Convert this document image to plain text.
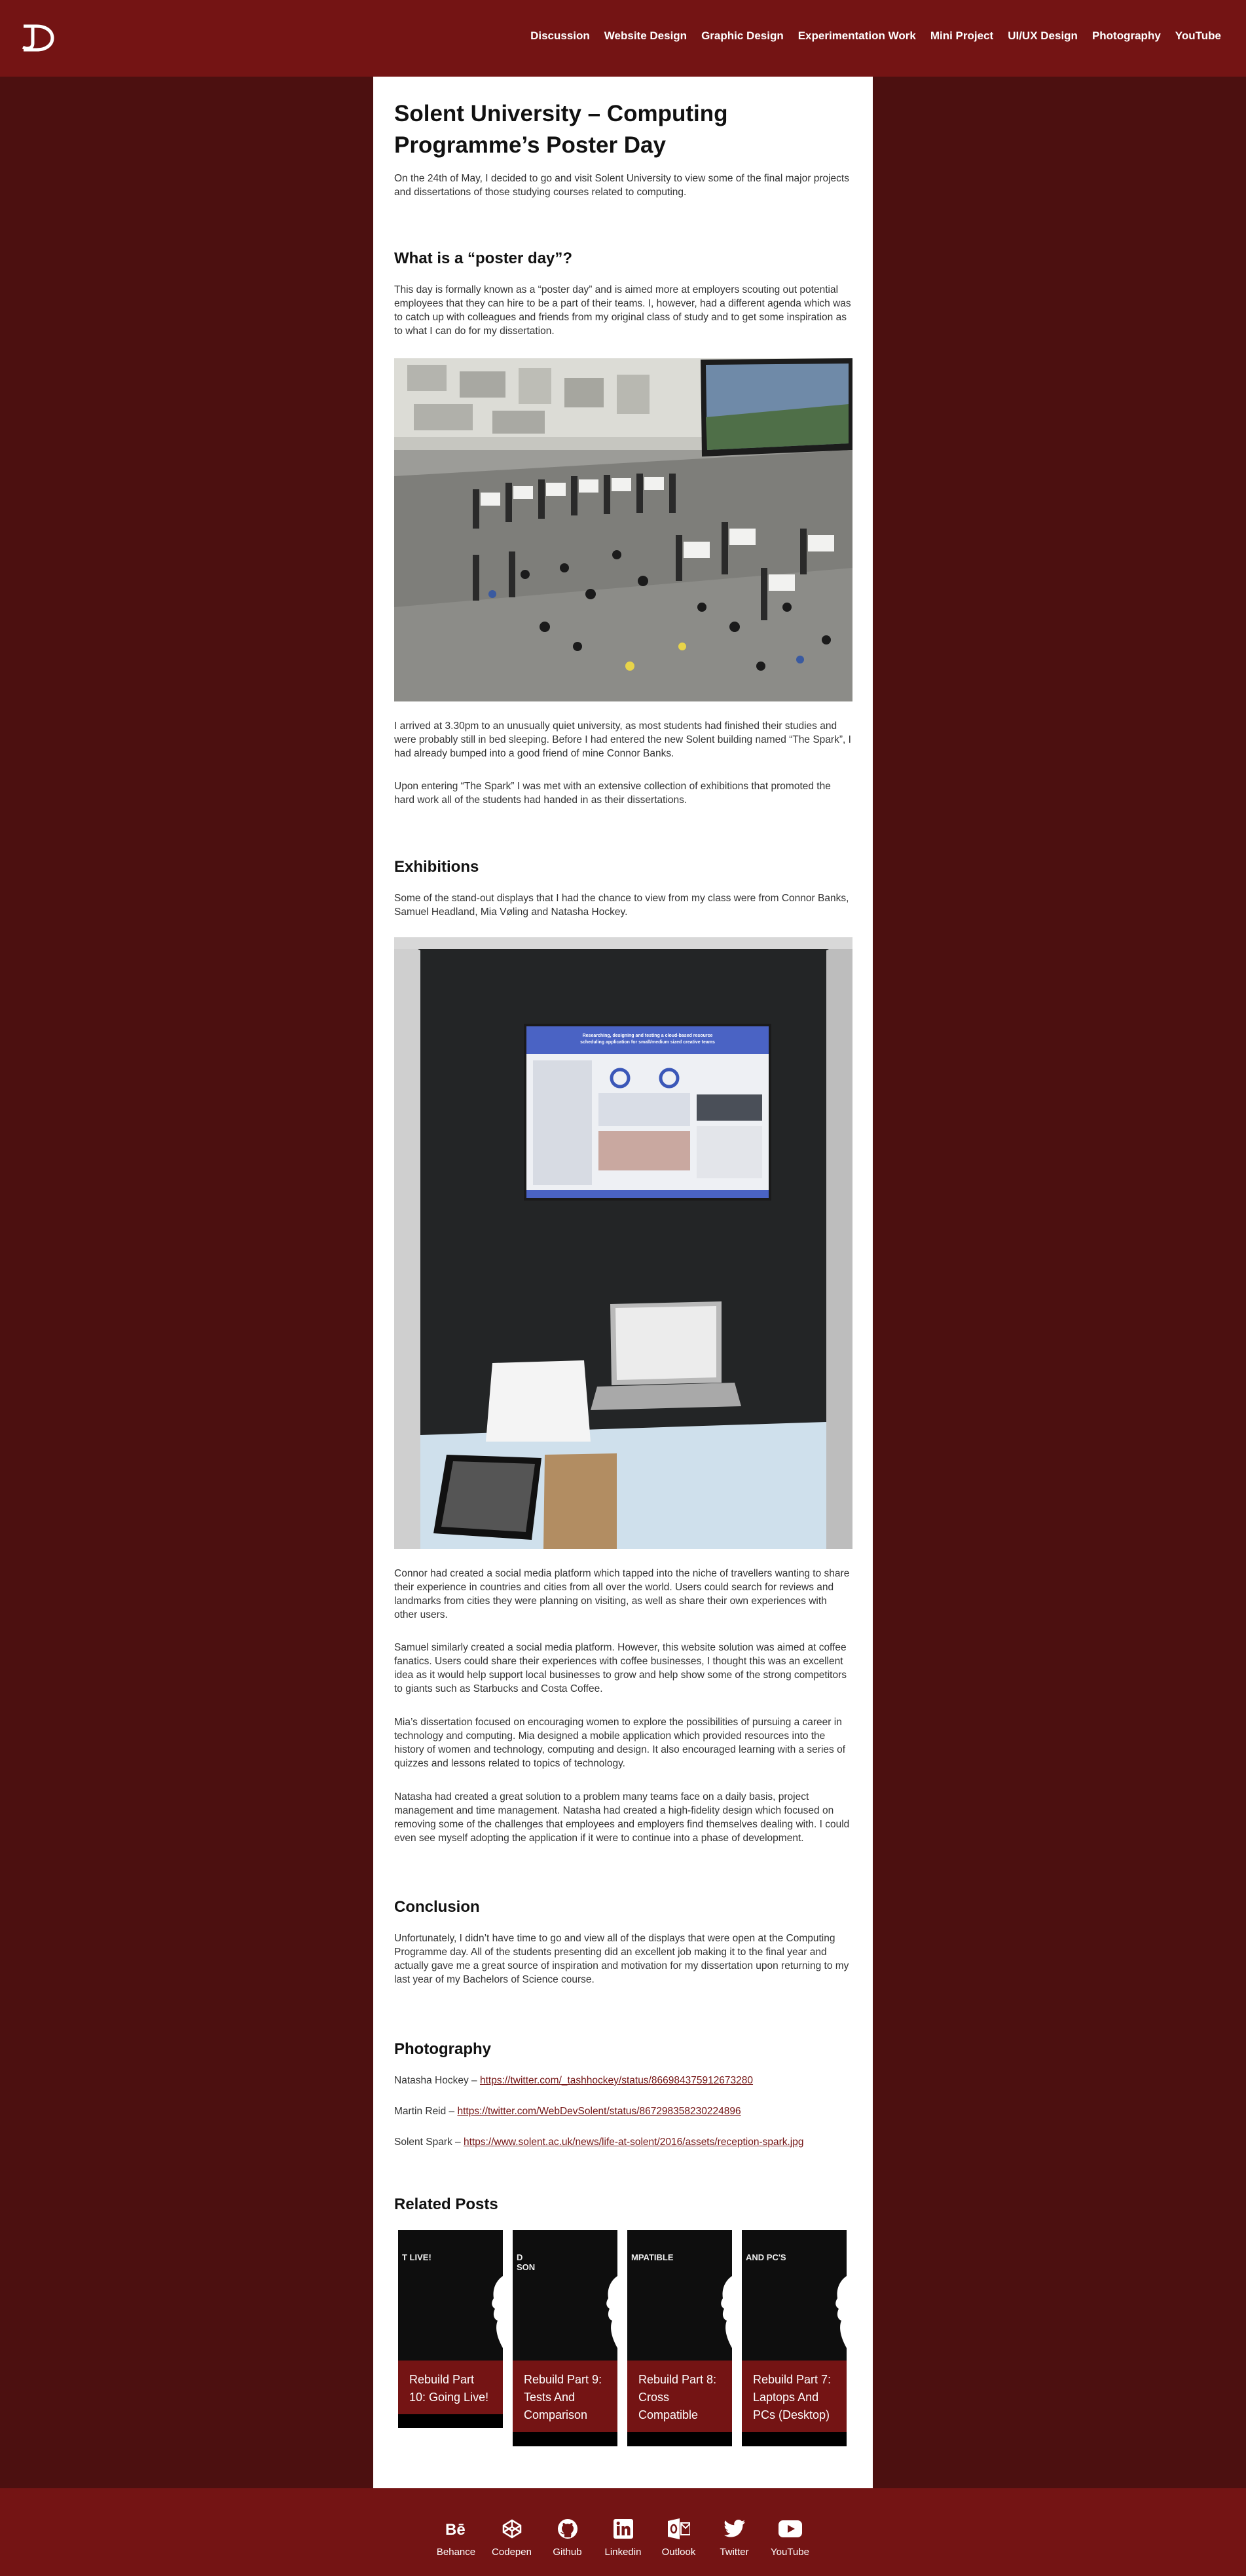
Discussion Website Design Graphic Design Experimentation Work Mini Project UI/UX Design Photography YouTube
Solent University – Computing Programme’s Poster Day

On the 24th of May, I decided to go and visit Solent University to view some of the final major projects and dissertations of those studying courses related to computing.

What is a “poster day”?

This day is formally known as a “poster day” and is aimed more at employers scouting out potential employees that they can hire to be a part of their teams. I, however, had a different agenda which was to catch up with colleagues and friends from my original class of study and to get some inspiration as to what I can do for my dissertation.

I arrived at 3.30pm to an unusually quiet university, as most students had finished their studies and were probably still in bed sleeping. Before I had entered the new Solent building named “The Spark”, I had already bumped into a good friend of mine Connor Banks.

Upon entering “The Spark” I was met with an extensive collection of exhibitions that promoted the hard work all of the students had handed in as their dissertations.

Exhibitions

Some of the stand-out displays that I had the chance to view from my class were from Connor Banks, Samuel Headland, Mia Vøling and Natasha Hockey.

Researching, designing and testing a cloud-based resource
scheduling application for small/medium sized creative teams

Connor had created a social media platform which tapped into the niche of travellers wanting to share their experience in countries and cities from all over the world. Users could search for reviews and landmarks from cities they were planning on visiting, as well as share their own experiences with other users.

Samuel similarly created a social media platform. However, this website solution was aimed at coffee fanatics. Users could share their experiences with coffee businesses, I thought this was an excellent idea as it would help support local businesses to grow and help show some of the strong competitors to giants such as Starbucks and Costa Coffee.

Mia’s dissertation focused on encouraging women to explore the possibilities of pursuing a career in technology and computing. Mia designed a mobile application which provided resources into the history of women and technology, computing and design. It also encouraged learning with a series of quizzes and lessons related to topics of technology.

Natasha had created a great solution to a problem many teams face on a daily basis, project management and time management. Natasha had created a high-fidelity design which focused on removing some of the challenges that employees and employers find themselves dealing with. I could even see myself adopting the application if it were to continue into a phase of development.

Conclusion

Unfortunately, I didn’t have time to go and view all of the displays that were open at the Computing Programme day. All of the students presenting did an excellent job making it to the final year and actually gave me a great source of inspiration and motivation for my dissertation upon returning to my last year of my Bachelors of Science course.

Photography

Natasha Hockey – https://twitter.com/_tashhockey/status/866984375912673280

Martin Reid – https://twitter.com/WebDevSolent/status/867298358230224896

Solent Spark – https://www.solent.ac.uk/news/life-at-solent/2016/assets/reception-spark.jpg

Related Posts
T LIVE!
Rebuild Part 10: Going Live!
D
SON
Rebuild Part 9: Tests And Comparison
MPATIBLE
Rebuild Part 8: Cross Compatible
AND PC'S
Rebuild Part 7: Laptops And PCs (Desktop)
Bē
Behance	Codepen	Github	Linkedin	Outlook	Twitter	YouTube
